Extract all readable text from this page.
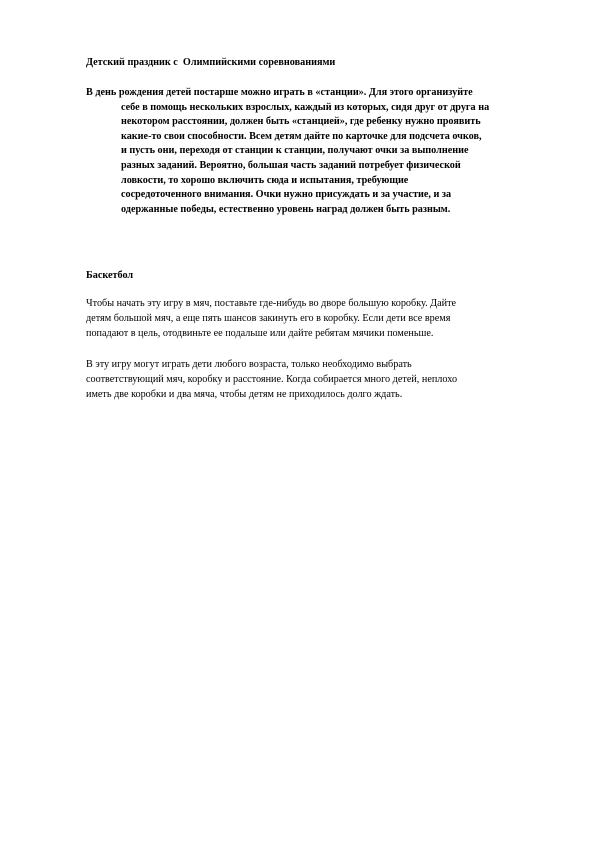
Детский праздник с  Олимпийскими соревнованиями
В день рождения детей постарше можно играть в «станции». Для этого организуйте
себе в помощь нескольких взрослых, каждый из которых, сидя друг от друга на
некотором расстоянии, должен быть «станцией», где ребенку нужно проявить
какие-то свои способности. Всем детям дайте по карточке для подсчета очков,
и пусть они, переходя от станции к станции, получают очки за выполнение
разных заданий. Вероятно, большая часть заданий потребует физической
ловкости, то хорошо включить сюда и испытания, требующие
сосредоточенного внимания. Очки нужно присуждать и за участие, и за
одержанные победы, естественно уровень наград должен быть разным.
Баскетбол
Чтобы начать эту игру в мяч, поставьте где-нибудь во дворе большую коробку. Дайте
детям большой мяч, а еще пять шансов закинуть его в коробку. Если дети все время
попадают в цель, отодвиньте ее подальше или дайте ребятам мячики поменьше.
В эту игру могут играть дети любого возраста, только необходимо выбрать
соответствующий мяч, коробку и расстояние. Когда собирается много детей, неплохо
иметь две коробки и два мяча, чтобы детям не приходилось долго ждать.
